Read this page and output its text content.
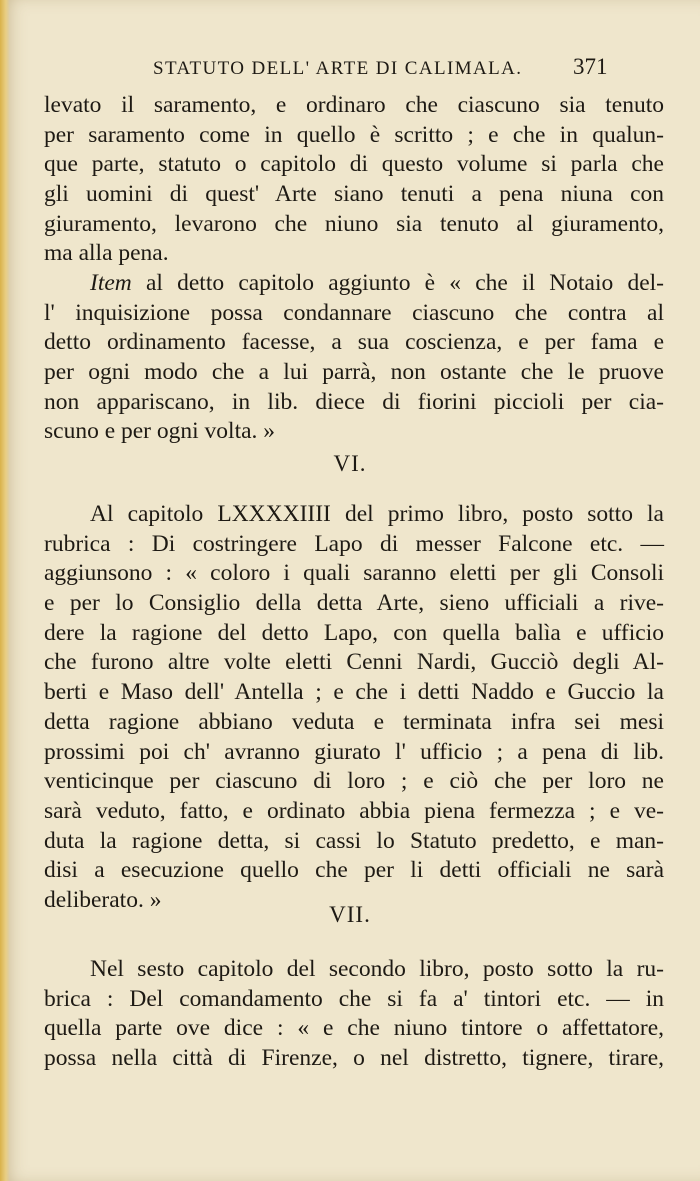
STATUTO DELL' ARTE DI CALIMALA. 371
levato il saramento, e ordinaro che ciascuno sia tenuto
per saramento come in quello è scritto ; e che in qualun-
que parte, statuto o capitolo di questo volume si parla che
gli uomini di quest' Arte siano tenuti a pena niuna con
giuramento, levarono che niuno sia tenuto al giuramento,
ma alla pena.
Item al detto capitolo aggiunto è « che il Notaio del-
l' inquisizione possa condannare ciascuno che contra al
detto ordinamento facesse, a sua coscienza, e per fama e
per ogni modo che a lui parrà, non ostante che le pruove
non appariscano, in lib. diece di fiorini piccioli per cia-
scuno e per ogni volta. »
VI.
Al capitolo LXXXXIIII del primo libro, posto sotto la
rubrica : Di costringere Lapo di messer Falcone etc. —
aggiunsono : « coloro i quali saranno eletti per gli Consoli
e per lo Consiglio della detta Arte, sieno ufficiali a rive-
dere la ragione del detto Lapo, con quella balìa e ufficio
che furono altre volte eletti Cenni Nardi, Gucciò degli Al-
berti e Maso dell' Antella ; e che i detti Naddo e Guccio la
detta ragione abbiano veduta e terminata infra sei mesi
prossimi poi ch' avranno giurato l' ufficio ; a pena di lib.
venticinque per ciascuno di loro ; e ciò che per loro ne
sarà veduto, fatto, e ordinato abbia piena fermezza ; e ve-
duta la ragione detta, si cassi lo Statuto predetto, e man-
disi a esecuzione quello che per li detti officiali ne sarà
deliberato. »
VII.
Nel sesto capitolo del secondo libro, posto sotto la ru-
brica : Del comandamento che si fa a' tintori etc. — in
quella parte ove dice : « e che niuno tintore o affettatore,
possa nella città di Firenze, o nel distretto, tignere, tirare,
